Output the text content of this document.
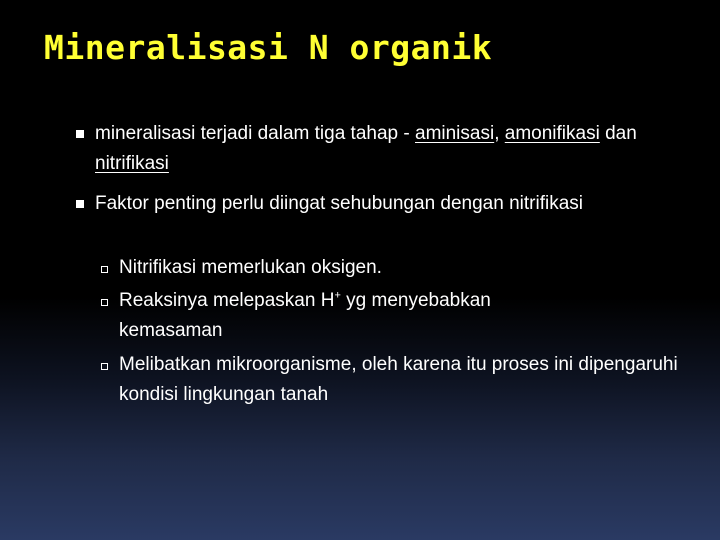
Mineralisasi N organik
mineralisasi terjadi dalam tiga tahap - aminisasi, amonifikasi dan nitrifikasi
Faktor penting perlu diingat sehubungan dengan nitrifikasi
Nitrifikasi memerlukan oksigen.
Reaksinya melepaskan H+ yg menyebabkan kemasaman
Melibatkan mikroorganisme, oleh karena itu proses ini dipengaruhi kondisi lingkungan tanah
